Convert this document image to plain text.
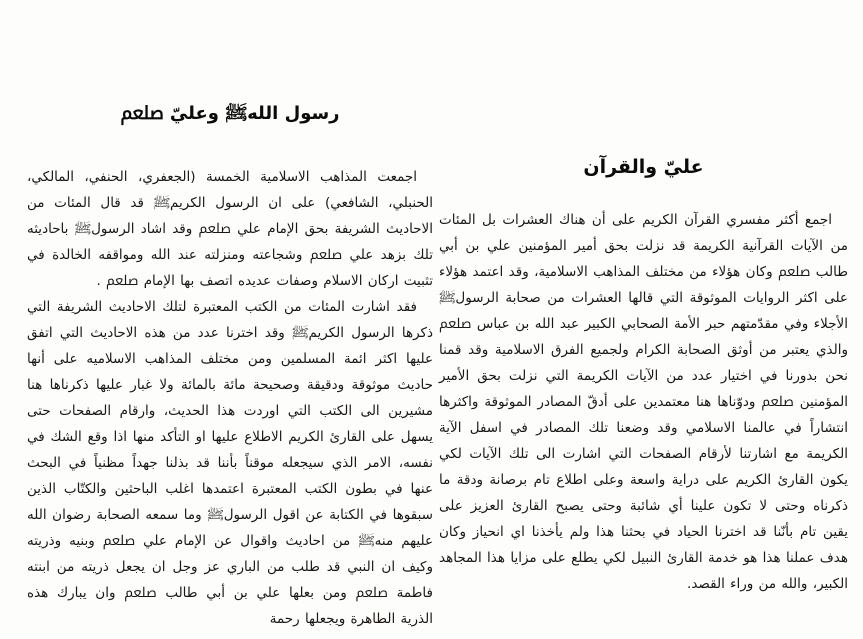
رسول اللهﷺ وعليّ ﷵ

اجمعت المذاهب الاسلامية الخمسة (الجعفري، الحنفي، المالكي، الحنبلي، الشافعي) على ان الرسول الكريمﷺ قد قال المئات من الاحاديث الشريفة بحق الإمام علي ﷵ وقد اشاد الرسولﷺ باحاديثه تلك بزهد علي ﷵ وشجاعته ومنزلته عند الله ومواقفه الخالدة في تثبيت اركان الاسلام وصفات عديده اتصف بها الإمام ﷵ .

فقد اشارت المئات من الكتب المعتبرة لتلك الاحاديث الشريفة التي ذكرها الرسول الكريمﷺ وقد اخترنا عدد من هذه الاحاديث التي اتفق عليها اكثر ائمة المسلمين ومن مختلف المذاهب الاسلاميه على أنها حاديث موثوقة ودقيقة وصحيحة مائة بالمائة ولا غبار عليها ذكرناها هنا مشيرين الى الكتب التي اوردت هذا الحديث، وارقام الصفحات حتى يسهل على القارئ الكريم الاطلاع عليها او التأكد منها اذا وقع الشك في نفسه، الامر الذي سيجعله موقناً بأننا قد بذلنا جهداً مظنياً في البحث عنها في بطون الكتب المعتبرة اعتمدها اغلب الباحثين والكتّاب الذين سبقوها في الكتابة عن اقول الرسولﷺ وما سمعه الصحابة رضوان الله عليهم منهﷺ من احاديث واقوال عن الإمام علي ﷵ وبنيه وذريته وكيف ان النبي قد طلب من الباري عز وجل ان يجعل ذريته من ابنته فاطمة ﷵ ومن بعلها علي بن أبي طالب ﷵ وان يبارك هذه الذرية الطاهرة ويجعلها رحمة

عليّ والقرآن

اجمع أكثر مفسري القرآن الكريم على أن هناك العشرات بل المئات من الآيات القرآنية الكريمة قد نزلت بحق أمير المؤمنين علي بن أبي طالب ﷵ وكان هؤلاء من مختلف المذاهب الاسلامية، وقد اعتمد هؤلاء على اكثر الروايات الموثوقة التي قالها العشرات من صحابة الرسولﷺ الأجلاء وفي مقدّمتهم حبر الأمة الصحابي الكبير عبد الله بن عباس ﷵ والذي يعتبر من أوثق الصحابة الكرام ولجميع الفرق الاسلامية وقد قمنا نحن بدورنا في اختيار عدد من الآيات الكريمة التي نزلت بحق الأمير المؤمنين ﷵ ودوّناها هنا معتمدين على أدقّ المصادر الموثوقة واكثرها انتشاراً في عالمنا الاسلامي وقد وضعنا تلك المصادر في اسفل الآية الكريمة مع اشارتنا لأرقام الصفحات التي اشارت الى تلك الآيات لكي يكون القارئ الكريم على دراية واسعة وعلى اطلاع تام برصانة ودقة ما ذكرناه وحتى لا تكون علينا أي شائبة وحتى يصبح القارئ العزيز على يقين تام بأنّنا قد اخترنا الحياد في بحثنا هذا ولم يأخذنا اي انحياز وكان هدف عملنا هذا هو خدمة القارئ النبيل لكي يطلع على مزايا هذا المجاهد الكبير، والله من وراء القصد.
